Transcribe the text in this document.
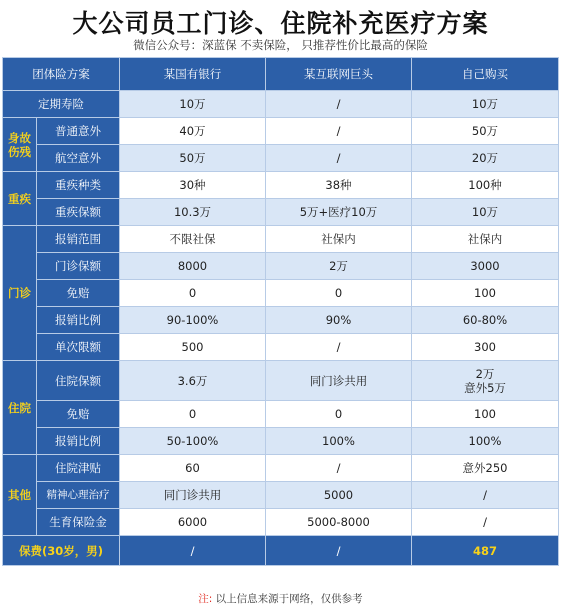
大公司员工门诊、住院补充医疗方案
微信公众号：深蓝保 不卖保险， 只推荐性价比最高的保险
团体险方案		某国有银行	某互联网巨头	自己购买
定期寿险		10万	/	10万

身故
伤残	普通意外	40万	/	50万
	航空意外	50万	/	20万
重疾	重疾种类	30种	38种	100种
	重疾保额	10.3万	5万+医疗10万	10万
门诊	报销范围	不限社保	社保内	社保内
	门诊保额	8000	2万	3000
	免赔	0	0	100
	报销比例	90-100%	90%	60-80%
	单次限额	500	/	300
住院	住院保额	3.6万	同门诊共用	2万
意外5万

	免赔	0	0	100
	报销比例	50-100%	100%	100%
其他	住院津贴	60	/	意外250
	精神心理治疗	同门诊共用	5000	/
	生育保险金	6000	5000-8000	/
保费(30岁，男)		/	/	487
注: 以上信息来源于网络，仅供参考
